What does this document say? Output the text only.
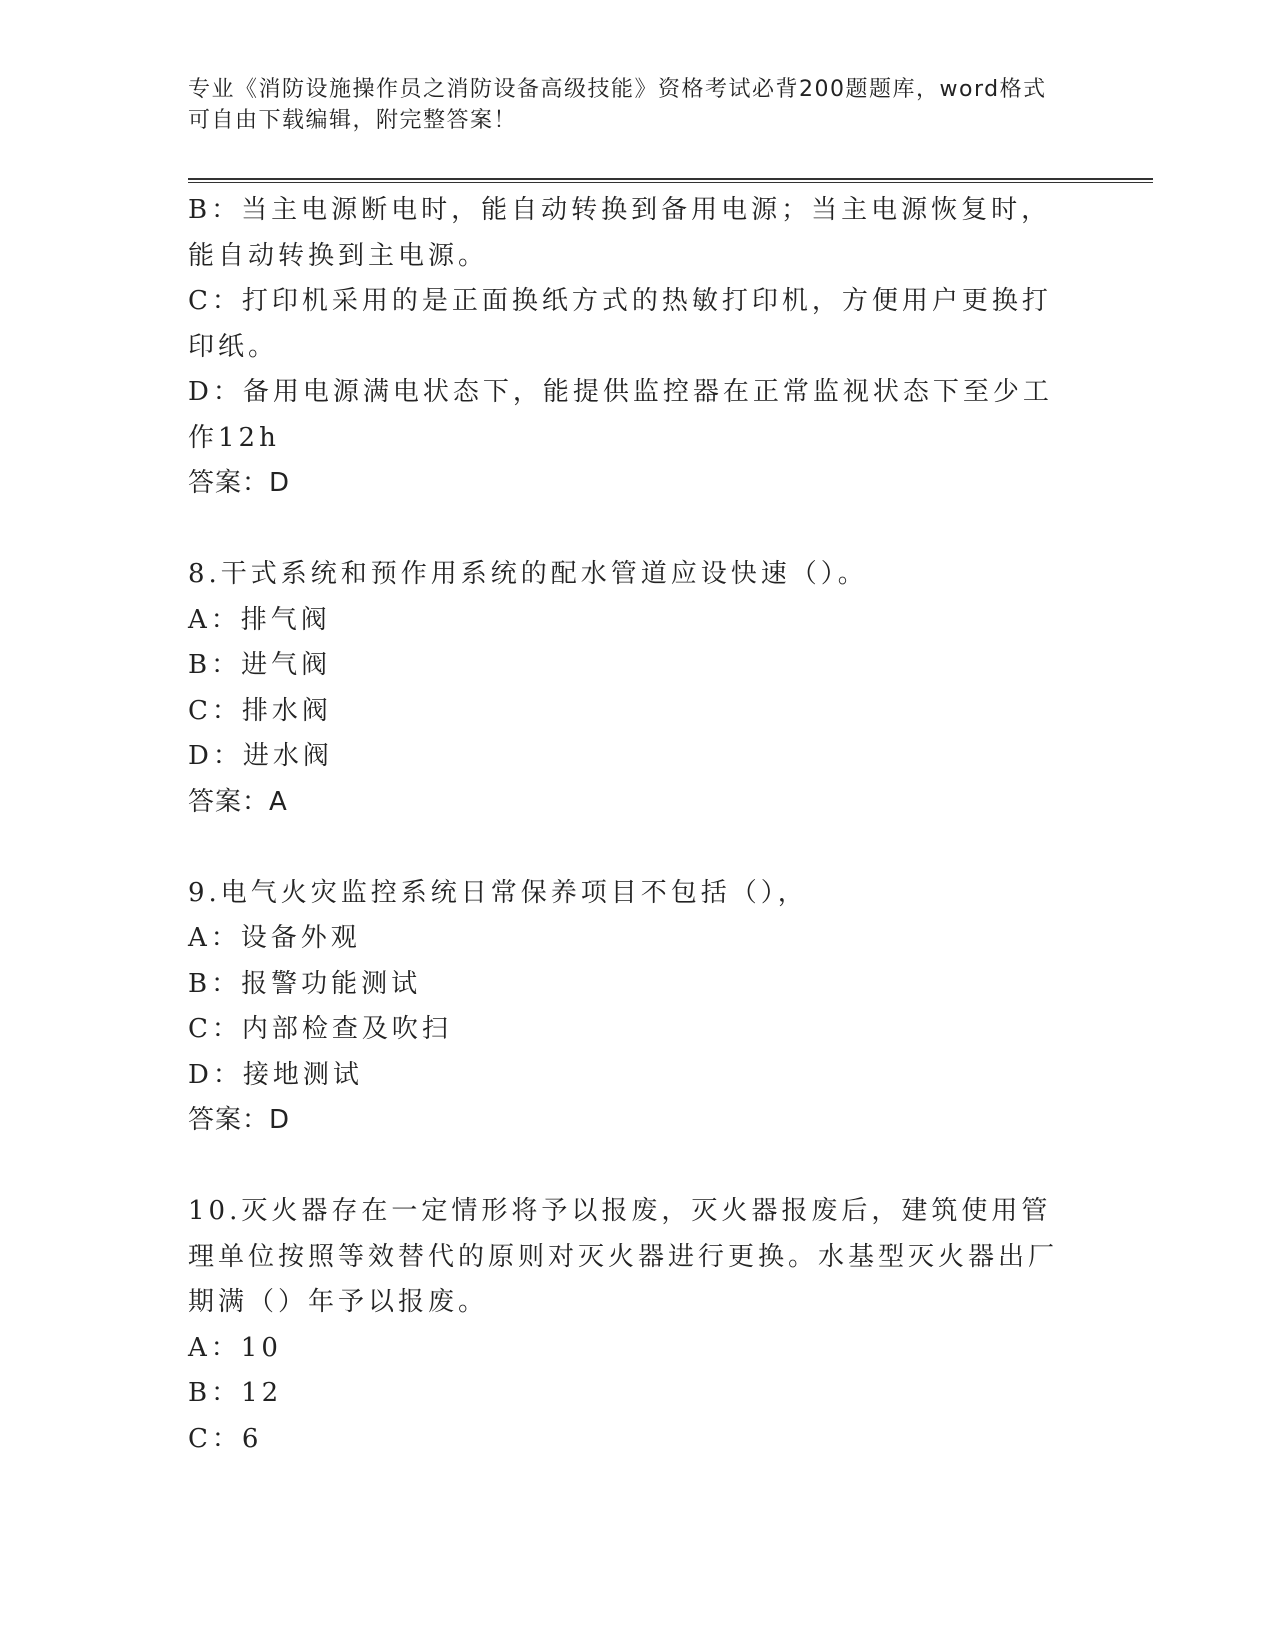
专业《消防设施操作员之消防设备高级技能》资格考试必背200题题库，word格式可自由下载编辑，附完整答案！

B：当主电源断电时，能自动转换到备用电源；当主电源恢复时，能自动转换到主电源。

C：打印机采用的是正面换纸方式的热敏打印机，方便用户更换打印纸。

D：备用电源满电状态下，能提供监控器在正常监视状态下至少工作12h

答案：D

8.干式系统和预作用系统的配水管道应设快速（）。

A：排气阀

B：进气阀

C：排水阀

D：进水阀

答案：A

9.电气火灾监控系统日常保养项目不包括（），

A：设备外观

B：报警功能测试

C：内部检查及吹扫

D：接地测试

答案：D

10.灭火器存在一定情形将予以报废，灭火器报废后，建筑使用管理单位按照等效替代的原则对灭火器进行更换。水基型灭火器出厂期满（）年予以报废。

A：10

B：12

C：6
